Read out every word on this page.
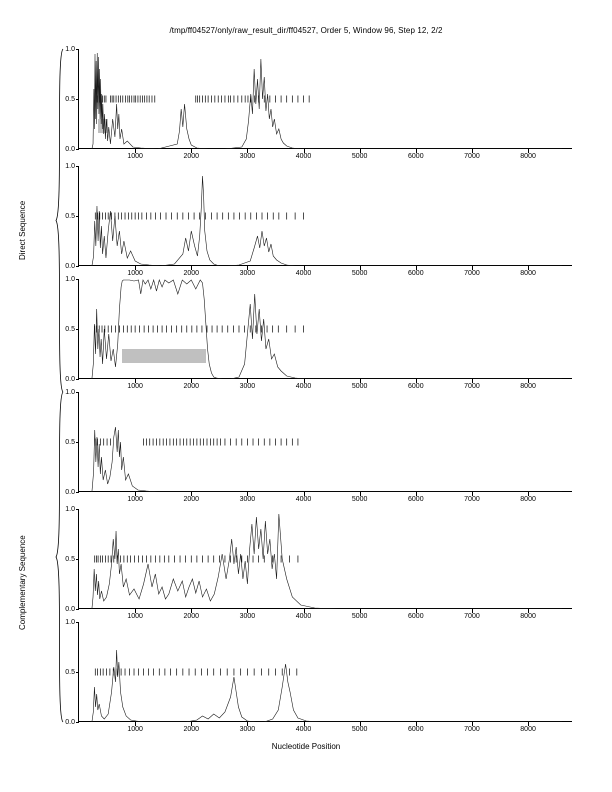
/tmp/ff04527/only/raw_result_dir/ff04527, Order 5, Window 96, Step 12, 2/2
0.0
0.5
1.0
1000	2000	3000	4000	5000	6000	7000	8000
0.0
0.5
1.0
1000	2000	3000	4000	5000	6000	7000	8000
0.0
0.5
1.0
1000	2000	3000	4000	5000	6000	7000	8000
0.0
0.5
1.0
1000	2000	3000	4000	5000	6000	7000	8000
0.0
0.5
1.0
1000	2000	3000	4000	5000	6000	7000	8000
0.0
0.5
1.0
1000	2000	3000	4000	5000	6000	7000	8000
Nucleotide Position
Direct Sequence
Complementary Sequence
